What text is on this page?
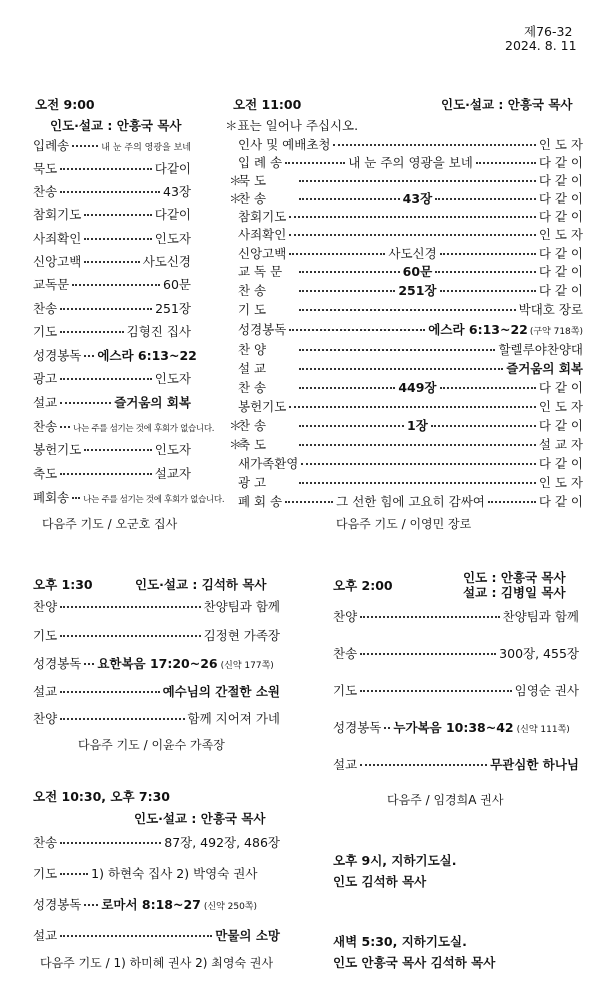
제76-32
2024. 8. 11
오전 9:00
인도·설교 : 안흥국 목사
입례송	내 눈 주의 영광을 보네
묵도	다같이
찬송	43장
참회기도	다같이
사죄확인	인도자
신앙고백	사도신경
교독문	60문
찬송	251장
기도	김형진 집사
성경봉독 에스라 6:13~22
광고	인도자
설교	즐거움의 회복
찬송 나는 주를 섬기는 것에 후회가 없습니다.
봉헌기도	인도자
축도	설교자
폐회송 나는 주를 섬기는 것에 후회가 없습니다.
다음주 기도 / 오군호 집사
오전 11:00	인도·설교 : 안흥국 목사
＊표는 일어나 주십시오.
인사 및 예배초청	인 도 자
입 례 송	내 눈 주의 영광을 보네	다 같 이
＊
묵 도	다 같 이
＊
찬 송	43장	다 같 이
참회기도	다 같 이
사죄확인	인 도 자
신앙고백	사도신경	다 같 이
교 독 문	60문	다 같 이
찬 송	251장	다 같 이
기 도	박대호 장로
성경봉독	에스라 6:13~22 (구약 718쪽)
찬 양	할렐루야찬양대
설 교	즐거움의 회복
찬 송	449장	다 같 이
봉헌기도	인 도 자
＊
찬 송	1장	다 같 이
＊
축 도	설 교 자
새가족환영	다 같 이
광 고	인 도 자
폐 회 송	그 선한 힘에 고요히 감싸여	다 같 이
다음주 기도 / 이영민 장로
오후 1:30	인도·설교 : 김석하 목사
찬양	찬양팀과 함께
기도	김정현 가족장
성경봉독 요한복음 17:20~26 (신약 177쪽)
설교	예수님의 간절한 소원
찬양	함께 지어져 가네
다음주 기도 / 이윤수 가족장
오후 2:00
인도 : 안흥국 목사
설교 : 김병일 목사
찬양	찬양팀과 함께
찬송	300장, 455장
기도	임영순 권사
성경봉독 누가복음 10:38~42 (신약 111쪽)
설교	무관심한 하나님
다음주 / 임경희A 권사
오전 10:30, 오후 7:30
인도·설교 : 안흥국 목사
찬송	87장, 492장, 486장
기도	1) 하현숙 집사 2) 박영숙 권사
성경봉독 로마서 8:18~27 (신약 250쪽)
설교	만물의 소망
다음주 기도 / 1) 하미혜 권사 2) 최영숙 권사
오후 9시, 지하기도실.
인도 김석하 목사
새벽 5:30, 지하기도실.
인도 안흥국 목사 김석하 목사
